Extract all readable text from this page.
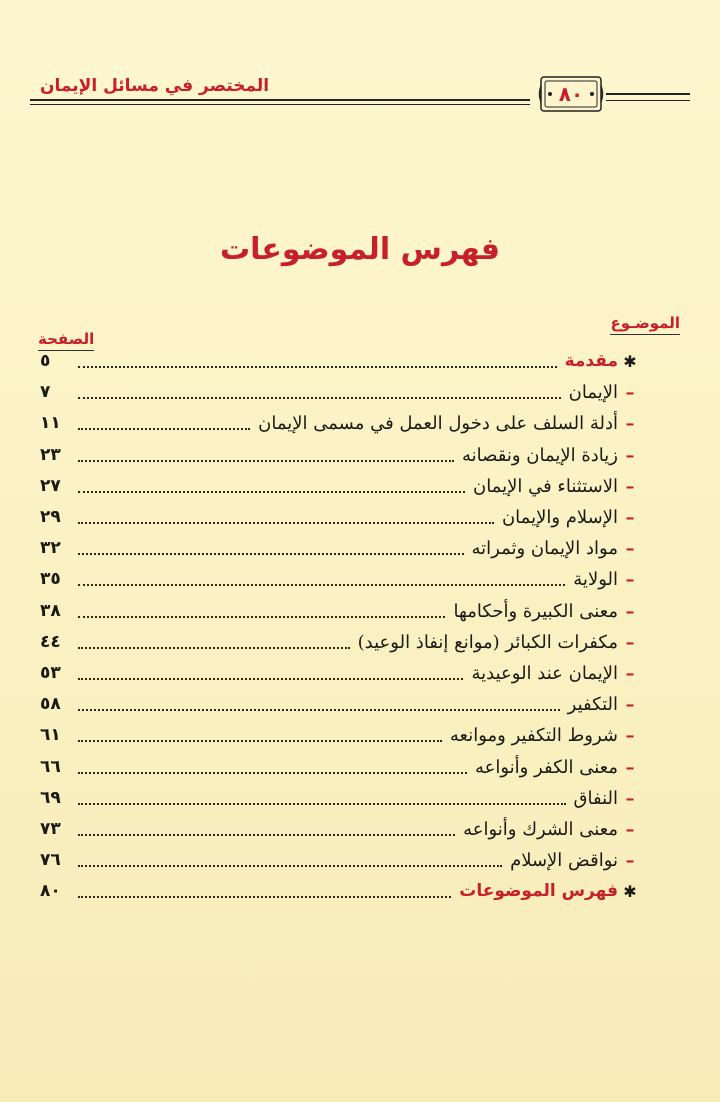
المختصر في مسائل الإيمان	٨٠
فهرس الموضوعات
الموضـوع
الصفحة
✱
مقدمة
٥
–
الإيمان
٧
–
أدلة السلف على دخول العمل في مسمى الإيمان
١١
–
زيادة الإيمان ونقصانه
٢٣
–
الاستثناء في الإيمان
٢٧
–
الإسلام والإيمان
٢٩
–
مواد الإيمان وثمراته
٣٢
–
الولاية
٣٥
–
معنى الكبيرة وأحكامها
٣٨
–
مكفرات الكبائر (موانع إنفاذ الوعيد)
٤٤
–
الإيمان عند الوعيدية
٥٣
–
التكفير
٥٨
–
شروط التكفير وموانعه
٦١
–
معنى الكفر وأنواعه
٦٦
–
النفاق
٦٩
–
معنى الشرك وأنواعه
٧٣
–
نواقض الإسلام
٧٦
✱
فهرس الموضوعات
٨٠
